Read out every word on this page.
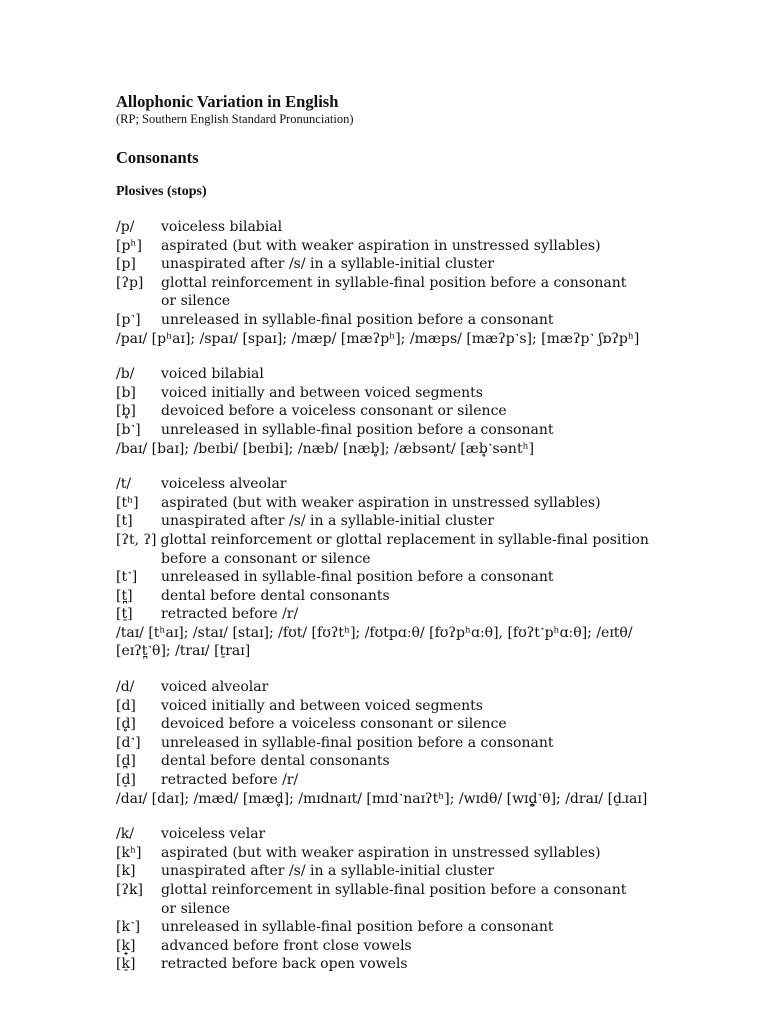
Allophonic Variation in English
(RP; Southern English Standard Pronunciation)
Consonants
Plosives (stops)
/p/	voiceless bilabial
[pʰ]	aspirated (but with weaker aspiration in unstressed syllables)
[p]	unaspirated after /s/ in a syllable-initial cluster
[ʔp]	glottal reinforcement in syllable-final position before a consonant
or silence
[p˺]	unreleased in syllable-final position before a consonant
/paɪ/ [pʰaɪ]; /spaɪ/ [spaɪ]; /mæp/ [mæʔpʰ]; /mæps/ [mæʔp˺s]; [mæʔp˺ ʃɒʔpʰ]
/b/	voiced bilabial
[b]	voiced initially and between voiced segments
[b̥]	devoiced before a voiceless consonant or silence
[b˺]	unreleased in syllable-final position before a consonant
/baɪ/ [baɪ]; /beɪbi/ [beɪbi]; /næb/ [næb̥]; /æbsənt/ [æb̥˺səntʰ]
/t/	voiceless alveolar
[tʰ]	aspirated (but with weaker aspiration in unstressed syllables)
[t]	unaspirated after /s/ in a syllable-initial cluster
[ʔt, ʔ] glottal reinforcement or glottal replacement in syllable-final position
before a consonant or silence
[t˺]	unreleased in syllable-final position before a consonant
[t̪]	dental before dental consonants
[t̠]	retracted before /r/
/taɪ/ [tʰaɪ]; /staɪ/ [staɪ]; /fʊt/ [fʊʔtʰ]; /fʊtpɑːθ/ [fʊʔpʰɑːθ], [fʊʔt˺pʰɑːθ]; /eɪtθ/
[eɪʔt̪˺θ]; /traɪ/ [t̠raɪ]
/d/	voiced alveolar
[d]	voiced initially and between voiced segments
[d̥]	devoiced before a voiceless consonant or silence
[d˺]	unreleased in syllable-final position before a consonant
[d̪]	dental before dental consonants
[d̠]	retracted before /r/
/daɪ/ [daɪ]; /mæd/ [mæd̥]; /mɪdnaɪt/ [mɪd˺naɪʔtʰ]; /wɪdθ/ [wɪd̪̥˺θ]; /draɪ/ [d̠ɹaɪ]
/k/	voiceless velar
[kʰ]	aspirated (but with weaker aspiration in unstressed syllables)
[k]	unaspirated after /s/ in a syllable-initial cluster
[ʔk]	glottal reinforcement in syllable-final position before a consonant
or silence
[k˺]	unreleased in syllable-final position before a consonant
[k̟]	advanced before front close vowels
[k̠]	retracted before back open vowels
